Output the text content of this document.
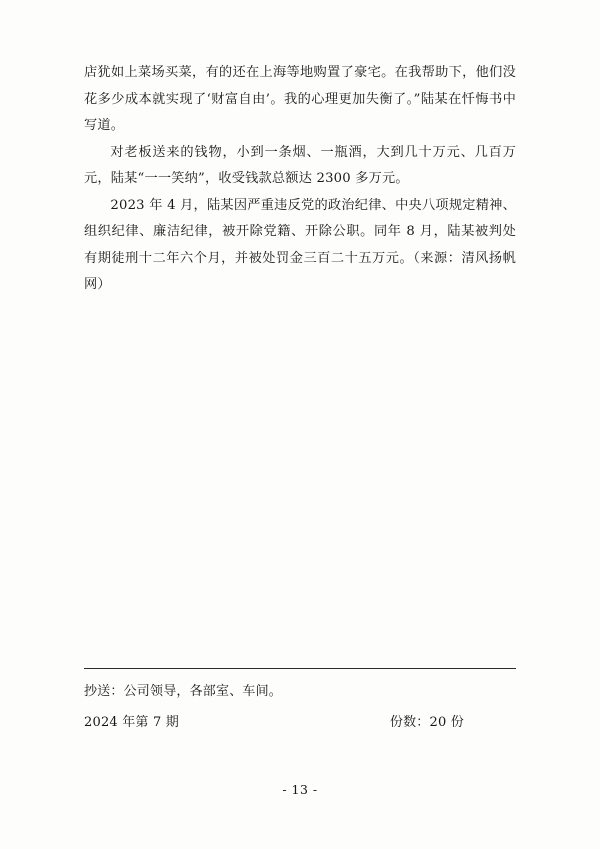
店犹如上菜场买菜，有的还在上海等地购置了豪宅。在我帮助下，他们没花多少成本就实现了‘财富自由’。我的心理更加失衡了。”陆某在忏悔书中写道。

对老板送来的钱物，小到一条烟、一瓶酒，大到几十万元、几百万元，陆某“一一笑纳”，收受钱款总额达 2300 多万元。

2023 年 4 月，陆某因严重违反党的政治纪律、中央八项规定精神、组织纪律、廉洁纪律，被开除党籍、开除公职。同年 8 月，陆某被判处有期徒刑十二年六个月，并被处罚金三百二十五万元。（来源：清风扬帆网）

抄送：公司领导，各部室、车间。
2024 年第 7 期	份数：20 份
- 13 -
